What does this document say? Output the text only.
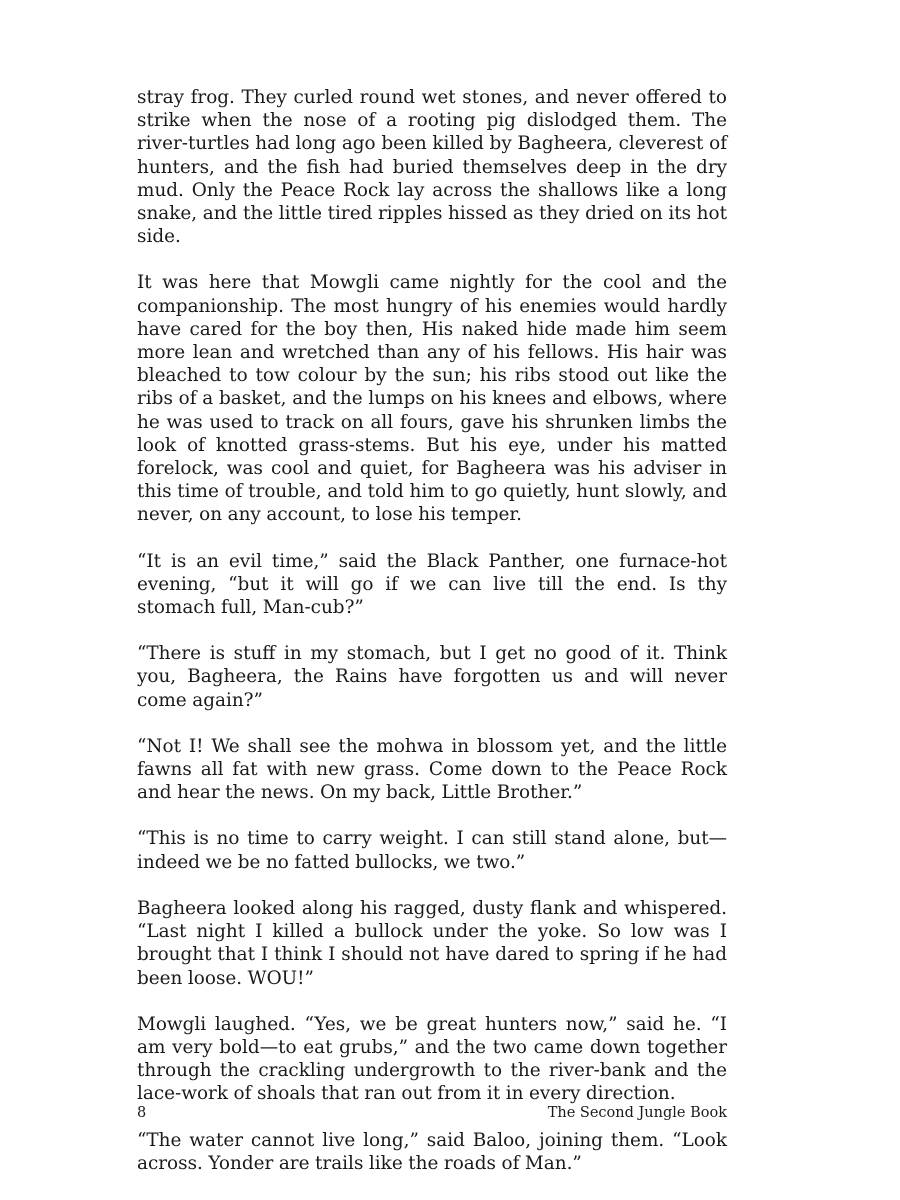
stray frog. They curled round wet stones, and never offered to strike when the nose of a rooting pig dislodged them. The river-turtles had long ago been killed by Bagheera, cleverest of hunters, and the fish had buried themselves deep in the dry mud. Only the Peace Rock lay across the shallows like a long snake, and the little tired ripples hissed as they dried on its hot side.

It was here that Mowgli came nightly for the cool and the companionship. The most hungry of his enemies would hardly have cared for the boy then, His naked hide made him seem more lean and wretched than any of his fellows. His hair was bleached to tow colour by the sun; his ribs stood out like the ribs of a basket, and the lumps on his knees and elbows, where he was used to track on all fours, gave his shrunken limbs the look of knotted grass-stems. But his eye, under his matted forelock, was cool and quiet, for Bagheera was his adviser in this time of trouble, and told him to go quietly, hunt slowly, and never, on any account, to lose his temper.

“It is an evil time,” said the Black Panther, one furnace-hot evening, “but it will go if we can live till the end. Is thy stomach full, Man-cub?”

“There is stuff in my stomach, but I get no good of it. Think you, Bagheera, the Rains have forgotten us and will never come again?”

“Not I! We shall see the mohwa in blossom yet, and the little fawns all fat with new grass. Come down to the Peace Rock and hear the news. On my back, Little Brother.”

“This is no time to carry weight. I can still stand alone, but—indeed we be no fatted bullocks, we two.”

Bagheera looked along his ragged, dusty flank and whispered. “Last night I killed a bullock under the yoke. So low was I brought that I think I should not have dared to spring if he had been loose. WOU!”

Mowgli laughed. “Yes, we be great hunters now,” said he. “I am very bold—to eat grubs,” and the two came down together through the crackling undergrowth to the river-bank and the lace-work of shoals that ran out from it in every direction.

“The water cannot live long,” said Baloo, joining them. “Look across. Yonder are trails like the roads of Man.”

8	The Second Jungle Book
